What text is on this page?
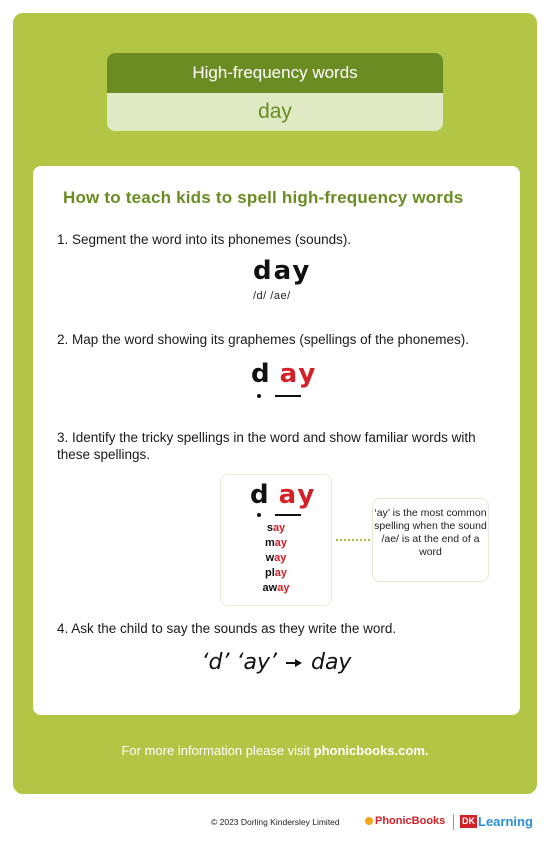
High-frequency words
day
How to teach kids to spell high-frequency words
1. Segment the word into its phonemes (sounds).
day
/d/ /ae/
2. Map the word showing its graphemes (spellings of the phonemes).
d ay
3. Identify the tricky spellings in the word and show familiar words with these spellings.
d ay
say
may
way
play
away
‘ay’ is the most common spelling when the sound /ae/ is at the end of a word
4. Ask the child to say the sounds as they write the word.
‘d’ ‘ay’ day
For more information please visit phonicbooks.com.
© 2023 Dorling Kindersley Limited	PhonicBooks DK Learning
